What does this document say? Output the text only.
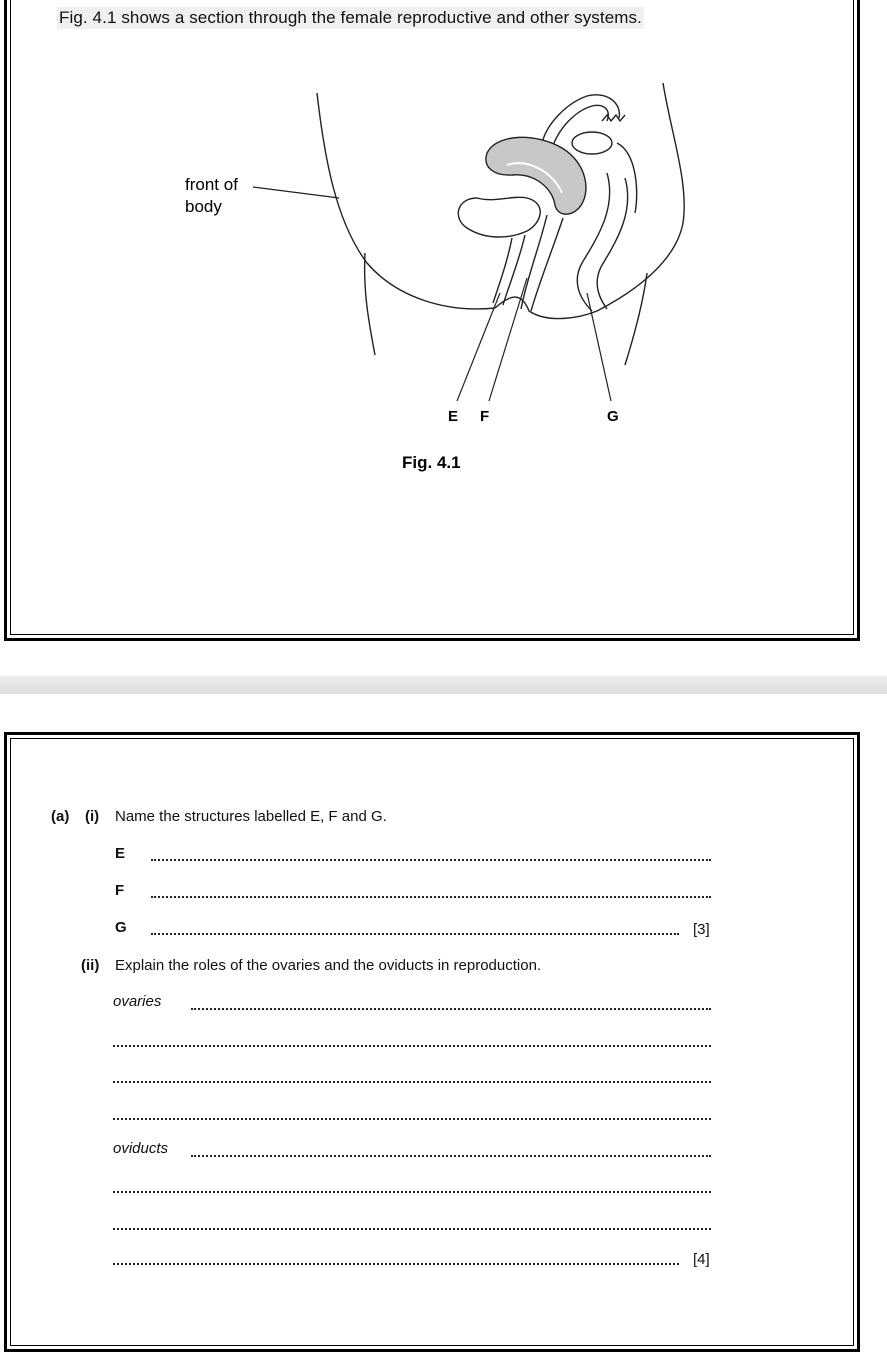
Fig. 4.1 shows a section through the female reproductive and other systems.
front of
body
E F	G
Fig. 4.1
(a) (i) Name the structures labelled E, F and G.
E
F
G	[3]
(ii) Explain the roles of the ovaries and the oviducts in reproduction.
ovaries
oviducts
[4]
